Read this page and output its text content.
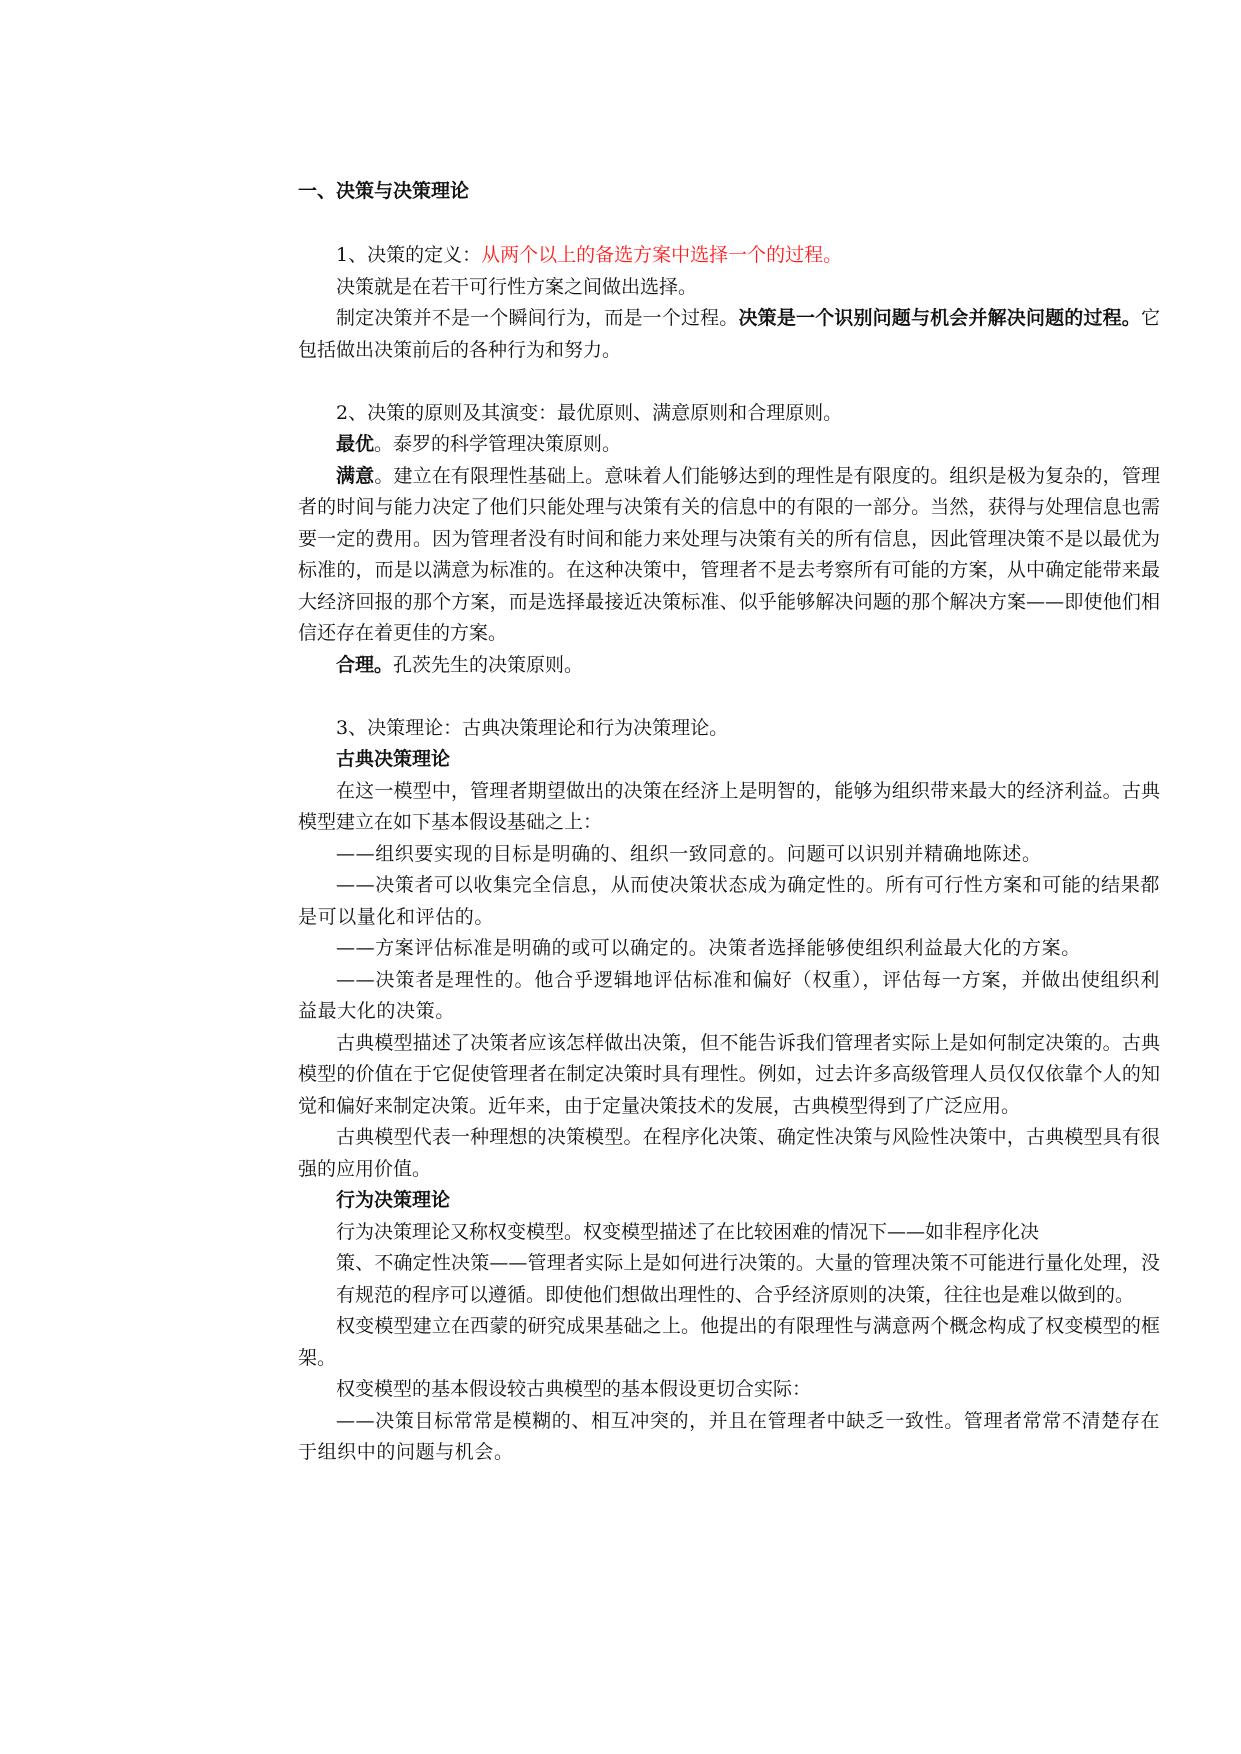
一、决策与决策理论

1、决策的定义：从两个以上的备选方案中选择一个的过程。

决策就是在若干可行性方案之间做出选择。

制定决策并不是一个瞬间行为，而是一个过程。决策是一个识别问题与机会并解决问题的过程。它包括做出决策前后的各种行为和努力。

2、决策的原则及其演变：最优原则、满意原则和合理原则。

最优。泰罗的科学管理决策原则。

满意。建立在有限理性基础上。意味着人们能够达到的理性是有限度的。组织是极为复杂的，管理者的时间与能力决定了他们只能处理与决策有关的信息中的有限的一部分。当然，获得与处理信息也需要一定的费用。因为管理者没有时间和能力来处理与决策有关的所有信息，因此管理决策不是以最优为标准的，而是以满意为标准的。在这种决策中，管理者不是去考察所有可能的方案，从中确定能带来最大经济回报的那个方案，而是选择最接近决策标准、似乎能够解决问题的那个解决方案——即使他们相信还存在着更佳的方案。

合理。孔茨先生的决策原则。

3、决策理论：古典决策理论和行为决策理论。

古典决策理论

在这一模型中，管理者期望做出的决策在经济上是明智的，能够为组织带来最大的经济利益。古典模型建立在如下基本假设基础之上：

——组织要实现的目标是明确的、组织一致同意的。问题可以识别并精确地陈述。

——决策者可以收集完全信息，从而使决策状态成为确定性的。所有可行性方案和可能的结果都是可以量化和评估的。

——方案评估标准是明确的或可以确定的。决策者选择能够使组织利益最大化的方案。

——决策者是理性的。他合乎逻辑地评估标准和偏好（权重），评估每一方案，并做出使组织利益最大化的决策。

古典模型描述了决策者应该怎样做出决策，但不能告诉我们管理者实际上是如何制定决策的。古典模型的价值在于它促使管理者在制定决策时具有理性。例如，过去许多高级管理人员仅仅依靠个人的知觉和偏好来制定决策。近年来，由于定量决策技术的发展，古典模型得到了广泛应用。

古典模型代表一种理想的决策模型。在程序化决策、确定性决策与风险性决策中，古典模型具有很强的应用价值。

行为决策理论

行为决策理论又称权变模型。权变模型描述了在比较困难的情况下——如非程序化决

策、不确定性决策——管理者实际上是如何进行决策的。大量的管理决策不可能进行量化处理，没有规范的程序可以遵循。即使他们想做出理性的、合乎经济原则的决策，往往也是难以做到的。

权变模型建立在西蒙的研究成果基础之上。他提出的有限理性与满意两个概念构成了权变模型的框架。

权变模型的基本假设较古典模型的基本假设更切合实际：

——决策目标常常是模糊的、相互冲突的，并且在管理者中缺乏一致性。管理者常常不清楚存在于组织中的问题与机会。
